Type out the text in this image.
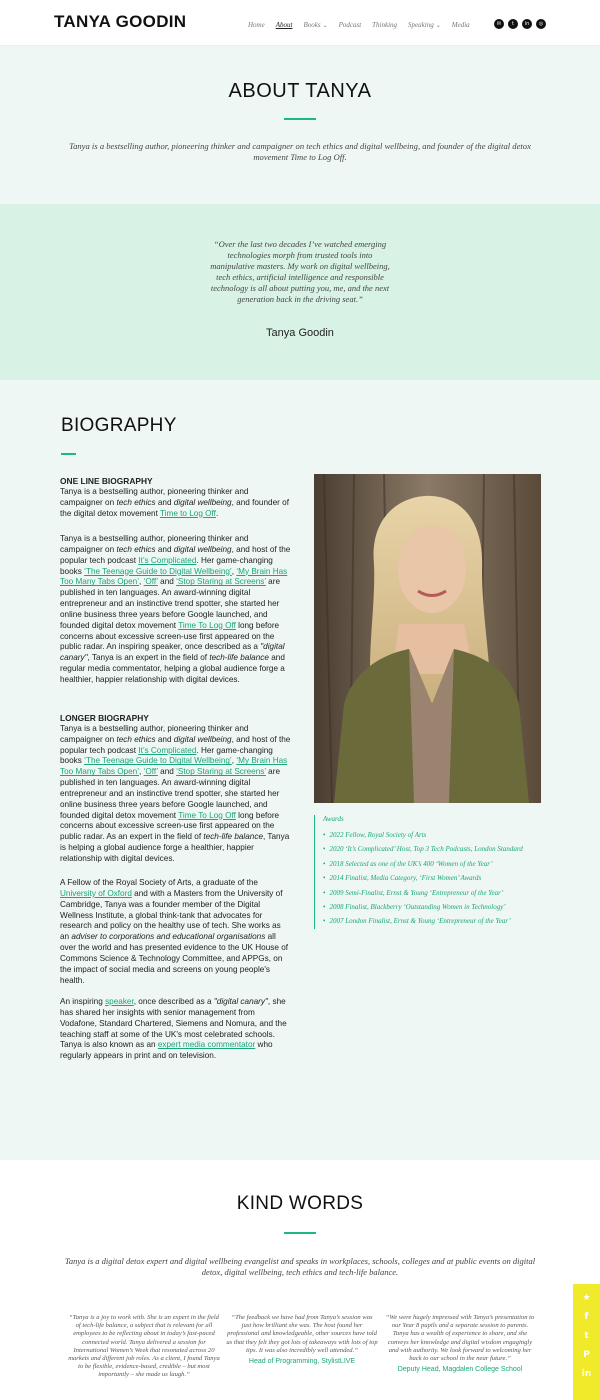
TANYA GOODIN	Home About Books ⌄ Podcast Thinking Speaking ⌄ Media	✉	t	in	◎
ABOUT TANYA
Tanya is a bestselling author, pioneering thinker and campaigner on tech ethics and digital wellbeing, and founder of the digital detox movement Time to Log Off.
“Over the last two decades I’ve watched emerging technologies morph from trusted tools into manipulative masters. My work on digital wellbeing, tech ethics, artificial intelligence and responsible technology is all about putting you, me, and the next generation back in the driving seat.”
Tanya Goodin
BIOGRAPHY
ONE LINE BIOGRAPHY
Tanya is a bestselling author, pioneering thinker and campaigner on tech ethics and digital wellbeing, and founder of the digital detox movement Time to Log Off.
Tanya is a bestselling author, pioneering thinker and campaigner on tech ethics and digital wellbeing, and host of the popular tech podcast It’s Complicated. Her game-changing books ‘The Teenage Guide to Digital Wellbeing’, ‘My Brain Has Too Many Tabs Open’, ‘Off’ and ‘Stop Staring at Screens’ are published in ten languages. An award-winning digital entrepreneur and an instinctive trend spotter, she started her online business three years before Google launched, and founded digital detox movement Time To Log Off long before concerns about excessive screen-use first appeared on the public radar. An inspiring speaker, once described as a "digital canary", Tanya is an expert in the field of tech-life balance and regular media commentator, helping a global audience forge a healthier, happier relationship with digital devices.
LONGER BIOGRAPHY
Tanya is a bestselling author, pioneering thinker and campaigner on tech ethics and digital wellbeing, and host of the popular tech podcast It’s Complicated. Her game-changing books ‘The Teenage Guide to Digital Wellbeing’, ‘My Brain Has Too Many Tabs Open’, ‘Off’ and ‘Stop Staring at Screens’ are published in ten languages. An award-winning digital entrepreneur and an instinctive trend spotter, she started her online business three years before Google launched, and founded digital detox movement Time To Log Off long before concerns about excessive screen-use first appeared on the public radar. As an expert in the field of tech-life balance, Tanya is helping a global audience forge a healthier, happier relationship with digital devices.
A Fellow of the Royal Society of Arts, a graduate of the University of Oxford and with a Masters from the University of Cambridge, Tanya was a founder member of the Digital Wellness Institute, a global think-tank that advocates for research and policy on the healthy use of tech. She works as an adviser to corporations and educational organisations all over the world and has presented evidence to the UK House of Commons Science & Technology Committee, and APPGs, on the impact of social media and screens on young people's health.
An inspiring speaker, once described as a "digital canary", she has shared her insights with senior management from Vodafone, Standard Chartered, Siemens and Nomura, and the teaching staff at some of the UK's most celebrated schools. Tanya is also known as an expert media commentator who regularly appears in print and on television.
Awards
• 2022 Fellow, Royal Society of Arts
• 2020 ‘It’s Complicated’ Host, Top 3 Tech Podcasts, London Standard
• 2018 Selected as one of the UK’s 400 ‘Women of the Year’
• 2014 Finalist, Media Category, ‘First Women’ Awards
• 2009 Semi-Finalist, Ernst & Young ‘Entrepreneur of the Year’
• 2008 Finalist, Blackberry ‘Outstanding Women in Technology’
• 2007 London Finalist, Ernst & Young ‘Entrepreneur of the Year’
KIND WORDS
Tanya is a digital detox expert and digital wellbeing evangelist and speaks in workplaces, schools, colleges and at public events on digital detox, digital wellbeing, tech ethics and tech-life balance.
“Tanya is a joy to work with. She is an expert in the field of tech-life balance, a subject that is relevant for all employees to be reflecting about in today’s fast-paced connected world. Tanya delivered a session for International Women’s Week that resonated across 20 markets and different job roles. As a client, I found Tanya to be flexible, evidence-based, credible – but most importantly – she made us laugh.”
“The feedback we have had from Tanya’s session was just how brilliant she was. The host found her professional and knowledgeable, other sources have told us that they felt they got lots of takeaways with lots of top tips. It was also incredibly well attended.”
Head of Programming, StylistLIVE
“We were hugely impressed with Tanya’s presentation to our Year 8 pupils and a separate session to parents. Tanya has a wealth of experience to share, and she conveys her knowledge and digital wisdom engagingly and with authority. We look forward to welcoming her back to our school in the near future.”
Deputy Head, Magdalen College School
★
f
t
P
in
